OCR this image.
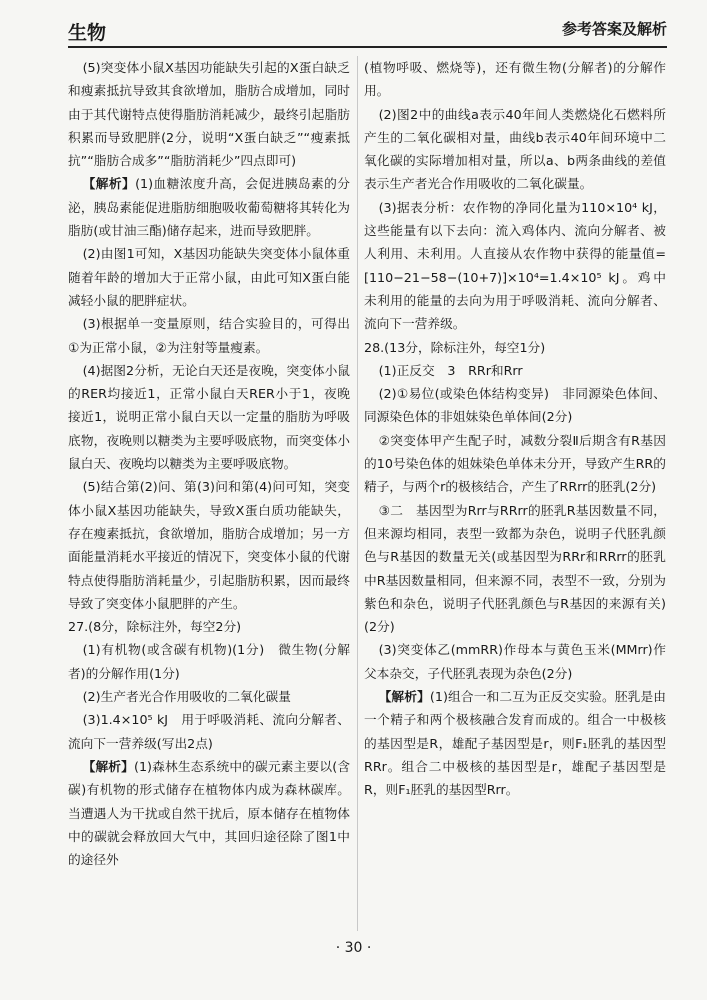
生物	参考答案及解析

(5)突变体小鼠X基因功能缺失引起的X蛋白缺乏和瘦素抵抗导致其食欲增加，脂肪合成增加，同时由于其代谢特点使得脂肪消耗减少，最终引起脂肪积累而导致肥胖(2分，说明“X蛋白缺乏”“瘦素抵抗”“脂肪合成多”“脂肪消耗少”四点即可)

【解析】(1)血糖浓度升高，会促进胰岛素的分泌，胰岛素能促进脂肪细胞吸收葡萄糖将其转化为脂肪(或甘油三酯)储存起来，进而导致肥胖。

(2)由图1可知，X基因功能缺失突变体小鼠体重随着年龄的增加大于正常小鼠，由此可知X蛋白能减轻小鼠的肥胖症状。

(3)根据单一变量原则，结合实验目的，可得出①为正常小鼠，②为注射等量瘦素。

(4)据图2分析，无论白天还是夜晚，突变体小鼠的RER均接近1，正常小鼠白天RER小于1，夜晚接近1，说明正常小鼠白天以一定量的脂肪为呼吸底物，夜晚则以糖类为主要呼吸底物，而突变体小鼠白天、夜晚均以糖类为主要呼吸底物。

(5)结合第(2)问、第(3)问和第(4)问可知，突变体小鼠X基因功能缺失，导致X蛋白质功能缺失，存在瘦素抵抗，食欲增加，脂肪合成增加；另一方面能量消耗水平接近的情况下，突变体小鼠的代谢特点使得脂肪消耗量少，引起脂肪积累，因而最终导致了突变体小鼠肥胖的产生。

27.(8分，除标注外，每空2分)

(1)有机物(或含碳有机物)(1分)　微生物(分解者)的分解作用(1分)

(2)生产者光合作用吸收的二氧化碳量

(3)1.4×10⁵ kJ　用于呼吸消耗、流向分解者、流向下一营养级(写出2点)

【解析】(1)森林生态系统中的碳元素主要以(含碳)有机物的形式储存在植物体内成为森林碳库。当遭遇人为干扰或自然干扰后，原本储存在植物体中的碳就会释放回大气中，其回归途径除了图1中的途径外

(植物呼吸、燃烧等)，还有微生物(分解者)的分解作用。

(2)图2中的曲线a表示40年间人类燃烧化石燃料所产生的二氧化碳相对量，曲线b表示40年间环境中二氧化碳的实际增加相对量，所以a、b两条曲线的差值表示生产者光合作用吸收的二氧化碳量。

(3)据表分析：农作物的净同化量为110×10⁴ kJ，这些能量有以下去向：流入鸡体内、流向分解者、被人利用、未利用。人直接从农作物中获得的能量值=[110−21−58−(10+7)]×10⁴=1.4×10⁵ kJ。鸡中未利用的能量的去向为用于呼吸消耗、流向分解者、流向下一营养级。

28.(13分，除标注外，每空1分)

(1)正反交　3　RRr和Rrr

(2)①易位(或染色体结构变异)　非同源染色体间、同源染色体的非姐妹染色单体间(2分)

②突变体甲产生配子时，减数分裂Ⅱ后期含有R基因的10号染色体的姐妹染色单体未分开，导致产生RR的精子，与两个r的极核结合，产生了RRrr的胚乳(2分)

③二　基因型为Rrr与RRrr的胚乳R基因数量不同，但来源均相同，表型一致都为杂色，说明子代胚乳颜色与R基因的数量无关(或基因型为RRr和RRrr的胚乳中R基因数量相同，但来源不同，表型不一致，分别为紫色和杂色，说明子代胚乳颜色与R基因的来源有关)(2分)

(3)突变体乙(mmRR)作母本与黄色玉米(MMrr)作父本杂交，子代胚乳表现为杂色(2分)

【解析】(1)组合一和二互为正反交实验。胚乳是由一个精子和两个极核融合发育而成的。组合一中极核的基因型是R，雄配子基因型是r，则F₁胚乳的基因型RRr。组合二中极核的基因型是r，雄配子基因型是R，则F₁胚乳的基因型Rrr。

· 30 ·
